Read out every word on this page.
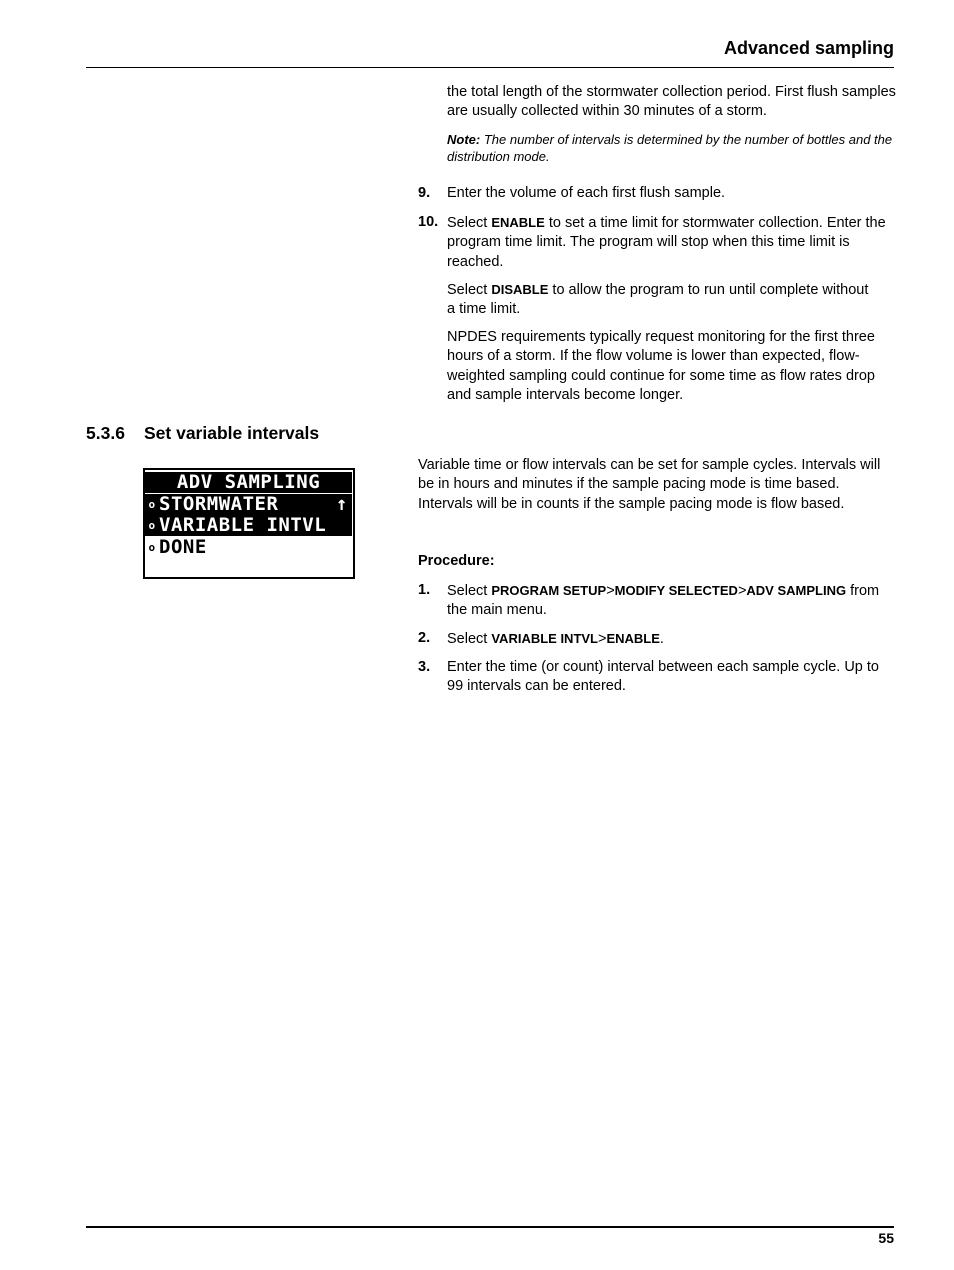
Advanced sampling
the total length of the stormwater collection period. First flush samples are usually collected within 30 minutes of a storm.
Note: The number of intervals is determined by the number of bottles and the distribution mode.
9. Enter the volume of each first flush sample.
10. Select ENABLE to set a time limit for stormwater collection. Enter the program time limit. The program will stop when this time limit is reached.
Select DISABLE to allow the program to run until complete without a time limit.
NPDES requirements typically request monitoring for the first three hours of a storm. If the flow volume is lower than expected, flow-weighted sampling could continue for some time as flow rates drop and sample intervals become longer.
5.3.6 Set variable intervals
ADV SAMPLING
o STORMWATER	↑
o VARIABLE INTVL
o DONE
Variable time or flow intervals can be set for sample cycles. Intervals will be in hours and minutes if the sample pacing mode is time based. Intervals will be in counts if the sample pacing mode is flow based.
Procedure:
1. Select PROGRAM SETUP>MODIFY SELECTED>ADV SAMPLING from the main menu.
2. Select VARIABLE INTVL>ENABLE.
3. Enter the time (or count) interval between each sample cycle. Up to 99 intervals can be entered.
55
